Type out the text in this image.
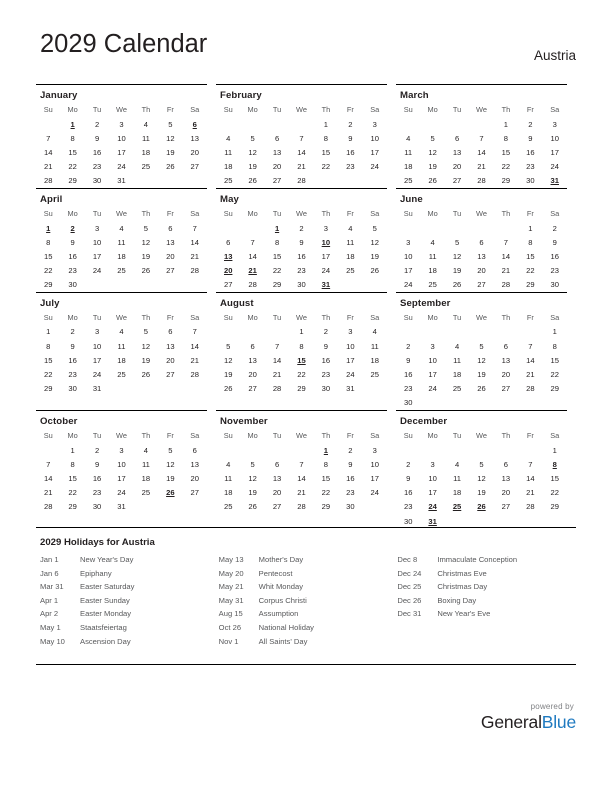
2029 Calendar	Austria
January
Su	Mo	Tu	We	Th	Fr	Sa
	1	2	3	4	5	6
7	8	9	10	11	12	13
14	15	16	17	18	19	20
21	22	23	24	25	26	27
28	29	30	31			
February
Su	Mo	Tu	We	Th	Fr	Sa
				1	2	3
4	5	6	7	8	9	10
11	12	13	14	15	16	17
18	19	20	21	22	23	24
25	26	27	28			
March
Su	Mo	Tu	We	Th	Fr	Sa
				1	2	3
4	5	6	7	8	9	10
11	12	13	14	15	16	17
18	19	20	21	22	23	24
25	26	27	28	29	30	31
April
Su	Mo	Tu	We	Th	Fr	Sa
1	2	3	4	5	6	7
8	9	10	11	12	13	14
15	16	17	18	19	20	21
22	23	24	25	26	27	28
29	30					
May
Su	Mo	Tu	We	Th	Fr	Sa
		1	2	3	4	5
6	7	8	9	10	11	12
13	14	15	16	17	18	19
20	21	22	23	24	25	26
27	28	29	30	31		
June
Su	Mo	Tu	We	Th	Fr	Sa
					1	2
3	4	5	6	7	8	9
10	11	12	13	14	15	16
17	18	19	20	21	22	23
24	25	26	27	28	29	30
July
Su	Mo	Tu	We	Th	Fr	Sa
1	2	3	4	5	6	7
8	9	10	11	12	13	14
15	16	17	18	19	20	21
22	23	24	25	26	27	28
29	30	31				
August
Su	Mo	Tu	We	Th	Fr	Sa
			1	2	3	4
5	6	7	8	9	10	11
12	13	14	15	16	17	18
19	20	21	22	23	24	25
26	27	28	29	30	31	
September
Su	Mo	Tu	We	Th	Fr	Sa
						1
2	3	4	5	6	7	8
9	10	11	12	13	14	15
16	17	18	19	20	21	22
23	24	25	26	27	28	29
30						
October
Su	Mo	Tu	We	Th	Fr	Sa
	1	2	3	4	5	6
7	8	9	10	11	12	13
14	15	16	17	18	19	20
21	22	23	24	25	26	27
28	29	30	31			
November
Su	Mo	Tu	We	Th	Fr	Sa
				1	2	3
4	5	6	7	8	9	10
11	12	13	14	15	16	17
18	19	20	21	22	23	24
25	26	27	28	29	30	
December
Su	Mo	Tu	We	Th	Fr	Sa
						1
2	3	4	5	6	7	8
9	10	11	12	13	14	15
16	17	18	19	20	21	22
23	24	25	26	27	28	29
30	31					
2029 Holidays for Austria
Jan 1	New Year's Day
Jan 6	Epiphany
Mar 31	Easter Saturday
Apr 1	Easter Sunday
Apr 2	Easter Monday
May 1	Staatsfeiertag
May 10	Ascension Day
May 13	Mother's Day
May 20	Pentecost
May 21	Whit Monday
May 31	Corpus Christi
Aug 15	Assumption
Oct 26	National Holiday
Nov 1	All Saints' Day
Dec 8	Immaculate Conception
Dec 24	Christmas Eve
Dec 25	Christmas Day
Dec 26	Boxing Day
Dec 31	New Year's Eve
powered by
GeneralBlue
